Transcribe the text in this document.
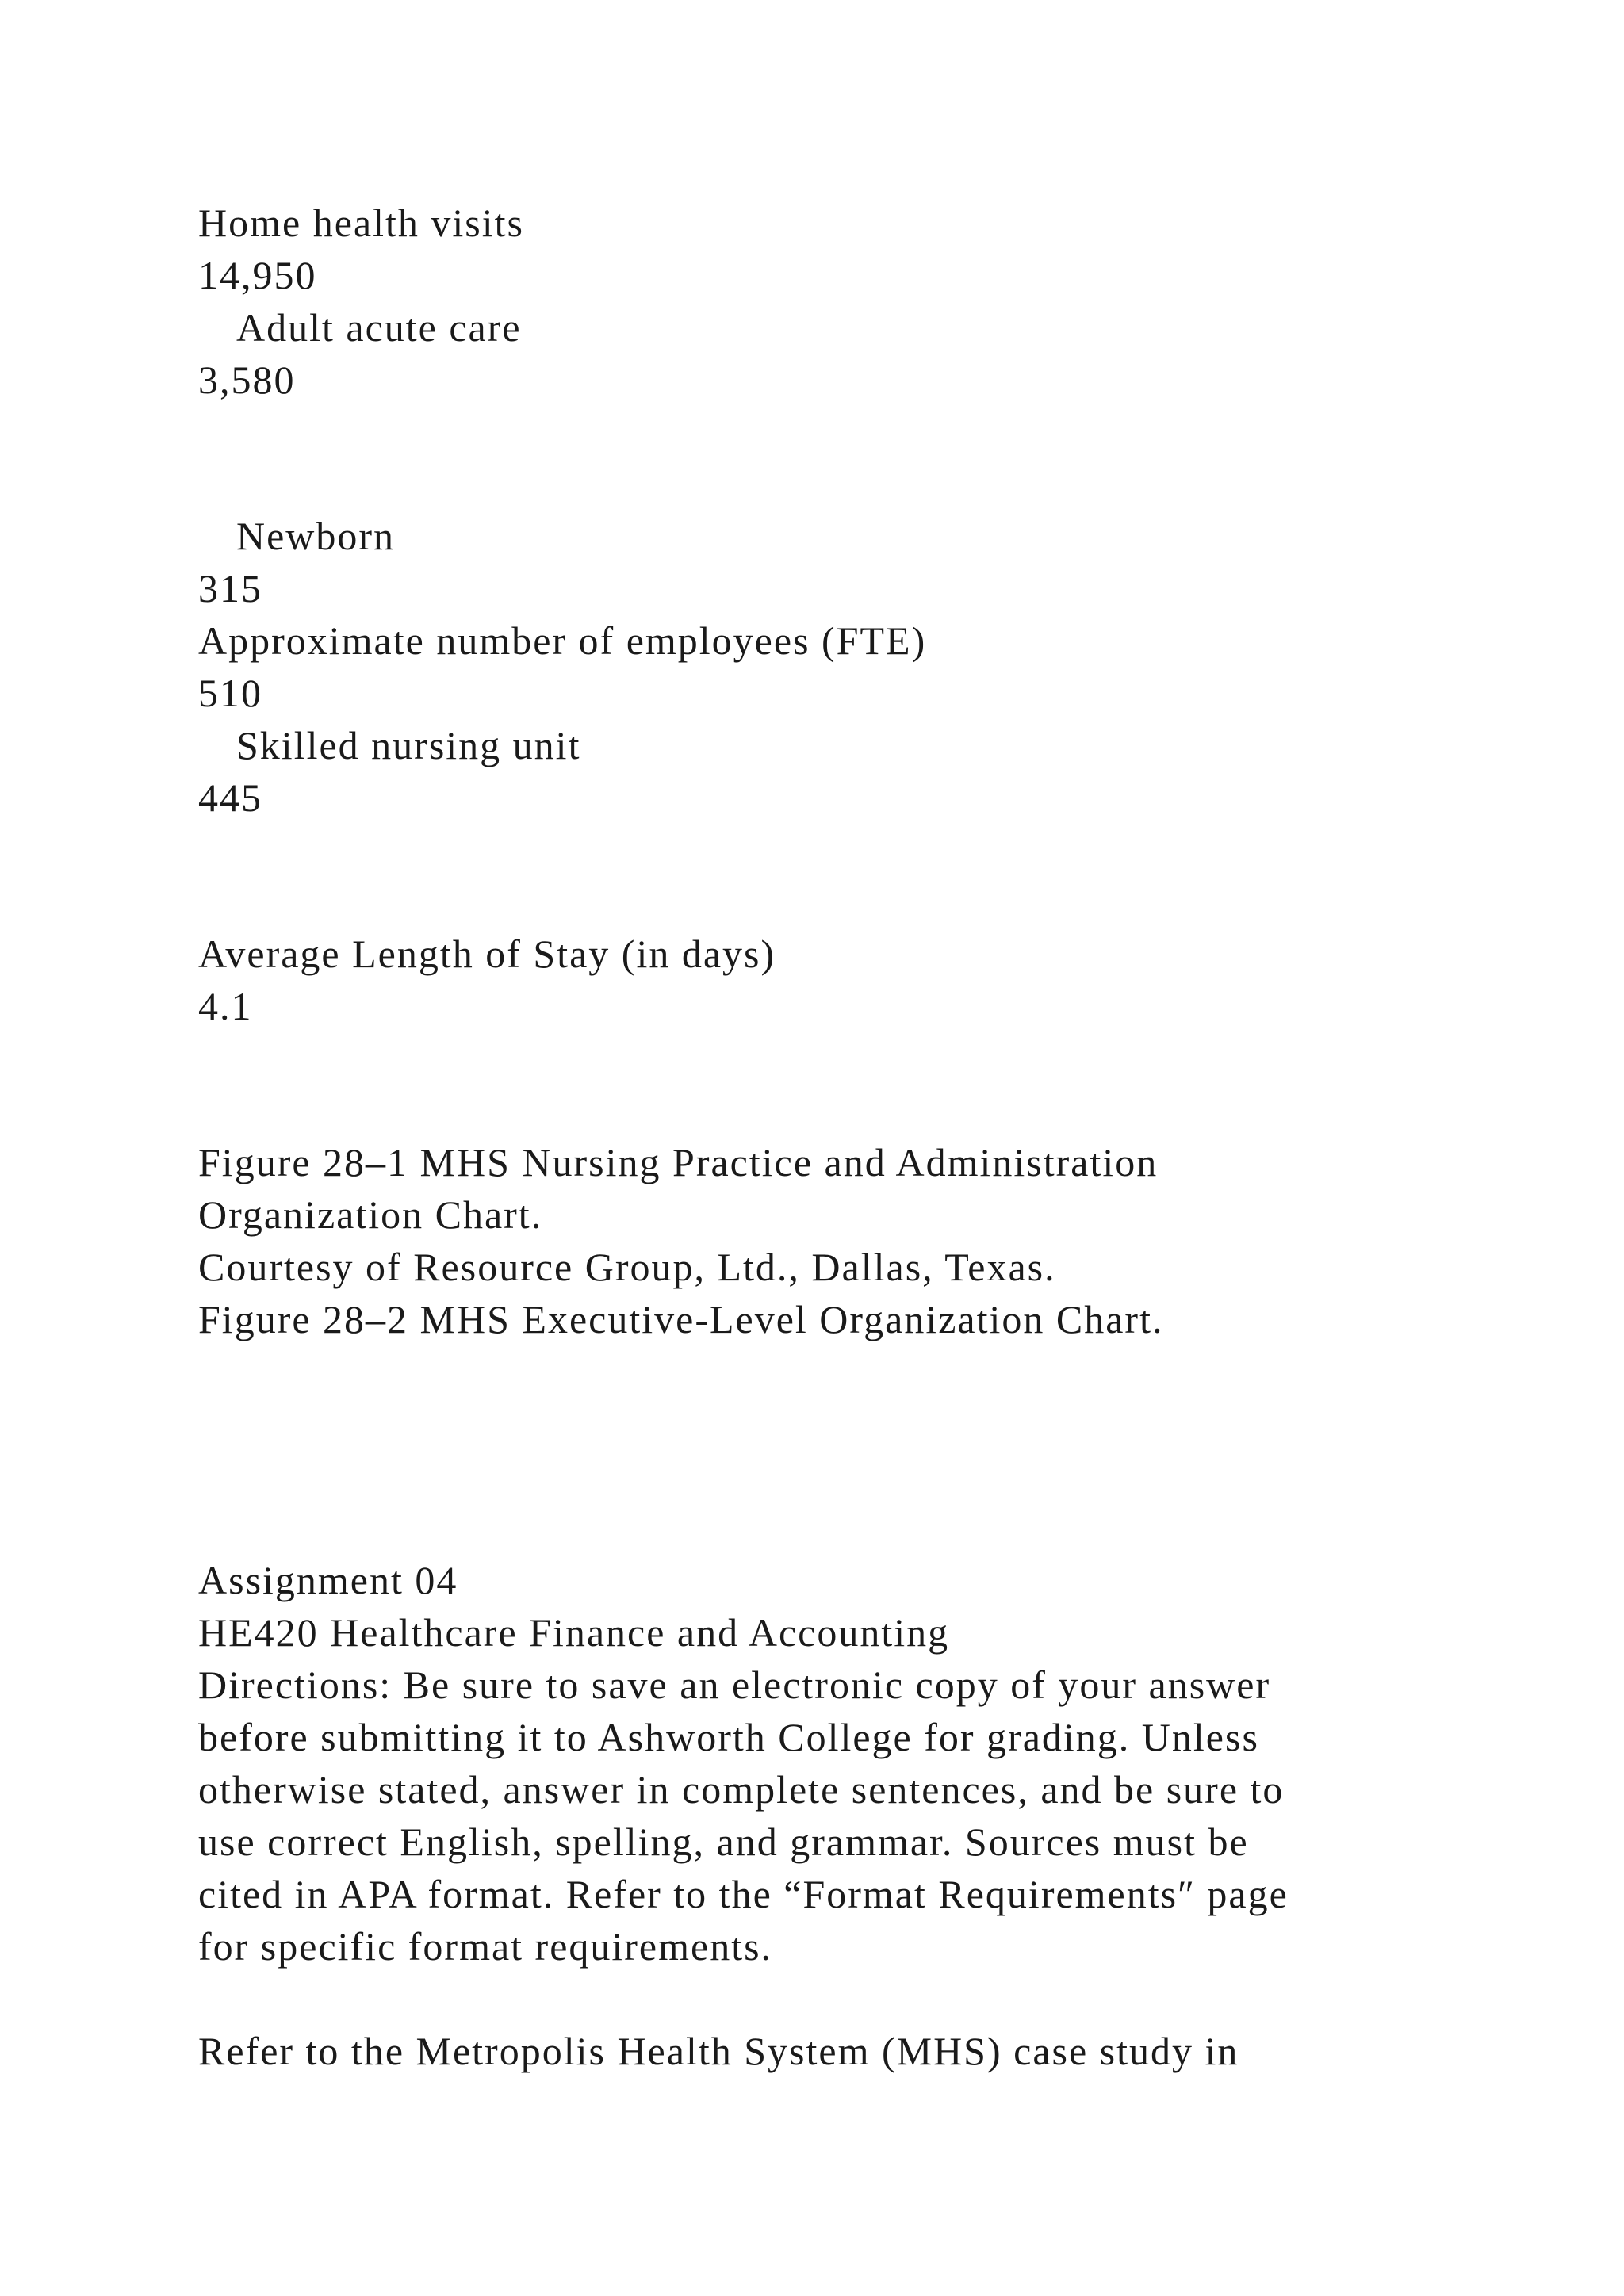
Home health visits

14,950

Adult acute care

3,580

Newborn

315

Approximate number of employees (FTE)

510

Skilled nursing unit

445

Average Length of Stay (in days)

4.1

Figure 28–1 MHS Nursing Practice and Administration

Organization Chart.

Courtesy of Resource Group, Ltd., Dallas, Texas.

Figure 28–2 MHS Executive-Level Organization Chart.

Assignment 04

HE420 Healthcare Finance and Accounting

Directions: Be sure to save an electronic copy of your answer

before submitting it to Ashworth College for grading. Unless

otherwise stated, answer in complete sentences, and be sure to

use correct English, spelling, and grammar. Sources must be

cited in APA format. Refer to the “Format Requirements″ page

for specific format requirements.

Refer to the Metropolis Health System (MHS) case study in
